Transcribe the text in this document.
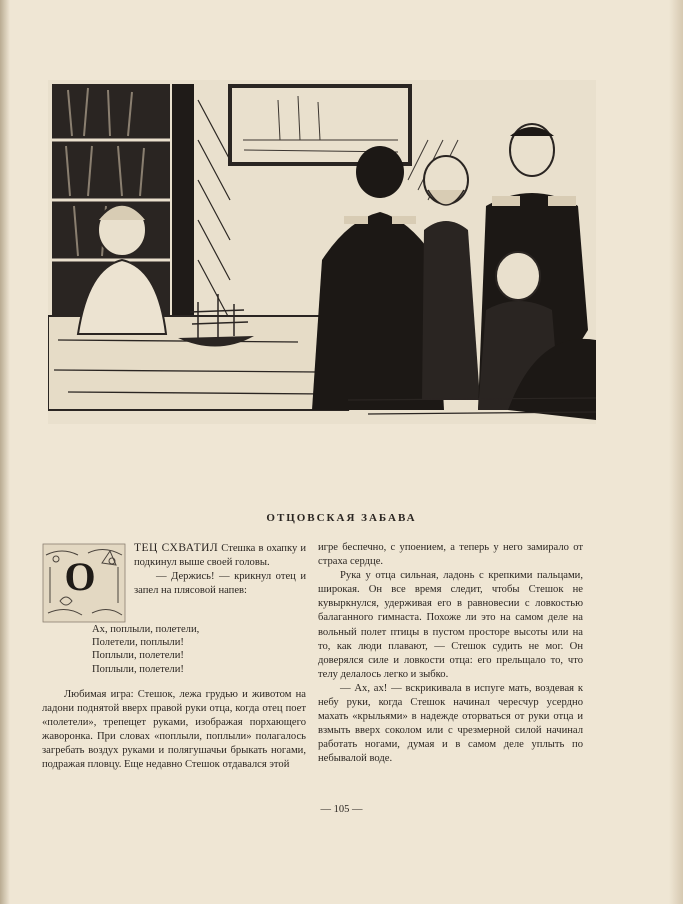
ОТЦОВСКАЯ ЗАБАВА
О

ТЕЦ СХВАТИЛ Стешка в охапку и подкинул выше своей головы.

— Держись! — крикнул отец и запел на плясовой напев:

Ах, поплыли, полетели,
Полетели, поплыли!
Поплыли, полетели!
Поплыли, полетели!

Любимая игра: Стешок, лежа грудью и животом на ладони поднятой вверх правой руки отца, когда отец поет «полетели», трепещет руками, изображая порхающего жаворонка. При словах «поплыли, поплыли» полагалось загребать воздух руками и полягушачьи брыкать ногами, подражая пловцу. Еще недавно Стешок отдавался этой

игре беспечно, с упоением, а теперь у него замирало от страха сердце.

Рука у отца сильная, ладонь с крепкими пальцами, широкая. Он все время следит, чтобы Стешок не кувыркнулся, удерживая его в равновесии с ловкостью балаганного гимнаста. Похоже ли это на самом деле на вольный полет птицы в пустом просторе высоты или на то, как люди плавают, — Стешок судить не мог. Он доверялся силе и ловкости отца: его прельщало то, что телу делалось легко и зыбко.

— Ах, ах! — вскрикивала в испуге мать, воздевая к небу руки, когда Стешок начинал чересчур усердно махать «крыльями» в надежде оторваться от руки отца и взмыть вверх соколом или с чрезмерной силой начинал работать ногами, думая и в самом деле уплыть по небывалой воде.

— 105 —
